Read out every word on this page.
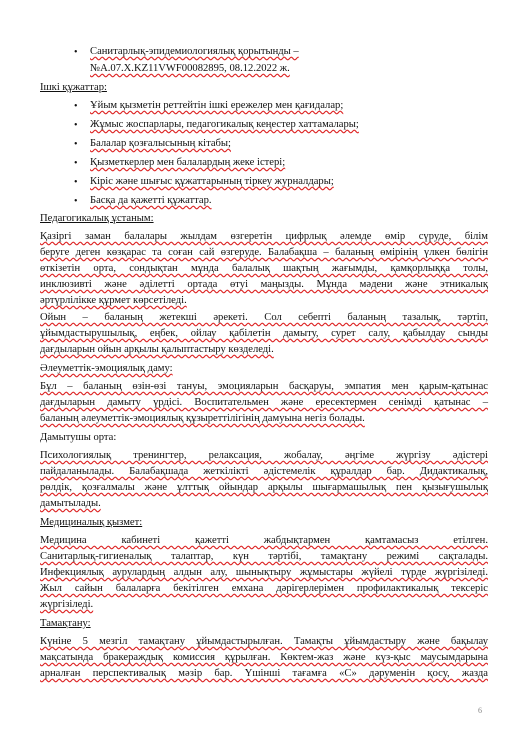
• Санитарлық-эпидемиологиялық қорытынды –
№A.07.X.KZ11VWF00082895, 08.12.2022 ж.
Ішкі құжаттар:
• Ұйым қызметін реттейтін ішкі ережелер мен қағидалар;
• Жұмыс жоспарлары, педагогикалық кеңестер хаттамалары;
• Балалар қозғалысының кітабы;
• Қызметкерлер мен балалардың жеке істері;
• Кіріс және шығыс құжаттарының тіркеу журналдары;
• Басқа да қажетті құжаттар.
Педагогикалық ұстаным:
Қазіргі заман балалары жылдам өзгеретін цифрлық әлемде өмір сүруде, білім
беруге деген көзқарас та соған сай өзгеруде. Балабақша – баланың өмірінің үлкен бөлігін
өткізетін орта, сондықтан мұнда балалық шақтың жағымды, қамқорлыққа толы,
инклюзивті және әділетті ортада өтуі маңызды. Мұнда мәдени және этникалық
әртүрлілікке құрмет көрсетіледі.
Ойын – баланың жетекші әрекеті. Сол себепті баланың тазалық, тәртіп,
ұйымдастырушылық, еңбек, ойлау қабілетін дамыту, сурет салу, қабылдау сынды
дағдыларын ойын арқылы қалыптастыру көзделеді.
Әлеуметтік-эмоциялық даму:
Бұл – баланың өзін-өзі тануы, эмоцияларын басқаруы, эмпатия мен қарым-қатынас
дағдыларын дамыту үрдісі. Воспитательмен және ересектермен сенімді қатынас –
баланың әлеуметтік-эмоциялық құзыреттілігінің дамуына негіз болады.
Дамытушы орта:
Психологиялық тренингтер, релаксация, жобалау, әңгіме жүргізу әдістері
пайдаланылады. Балабақшада жеткілікті әдістемелік құралдар бар. Дидактикалық,
рөлдік, қозғалмалы және ұлттық ойындар арқылы шығармашылық пен қызығушылық
дамытылады.
Медициналық қызмет:
Медицина кабинеті қажетті жабдықтармен қамтамасыз етілген.
Санитарлық-гигиеналық талаптар, күн тәртібі, тамақтану режимі сақталады.
Инфекциялық аурулардың алдын алу, шынықтыру жұмыстары жүйелі түрде жүргізіледі.
Жыл сайын балаларға бекітілген емхана дәрігерлерімен профилактикалық тексеріс
жүргізіледі.
Тамақтану:
Күніне 5 мезгіл тамақтану ұйымдастырылған. Тамақты ұйымдастыру және бақылау
мақсатында бракераждық комиссия құрылған. Көктем-жаз және күз-қыс маусымдарына
арналған перспективалық мәзір бар. Үшінші тағамға «С» дәруменін қосу, жазда
6
